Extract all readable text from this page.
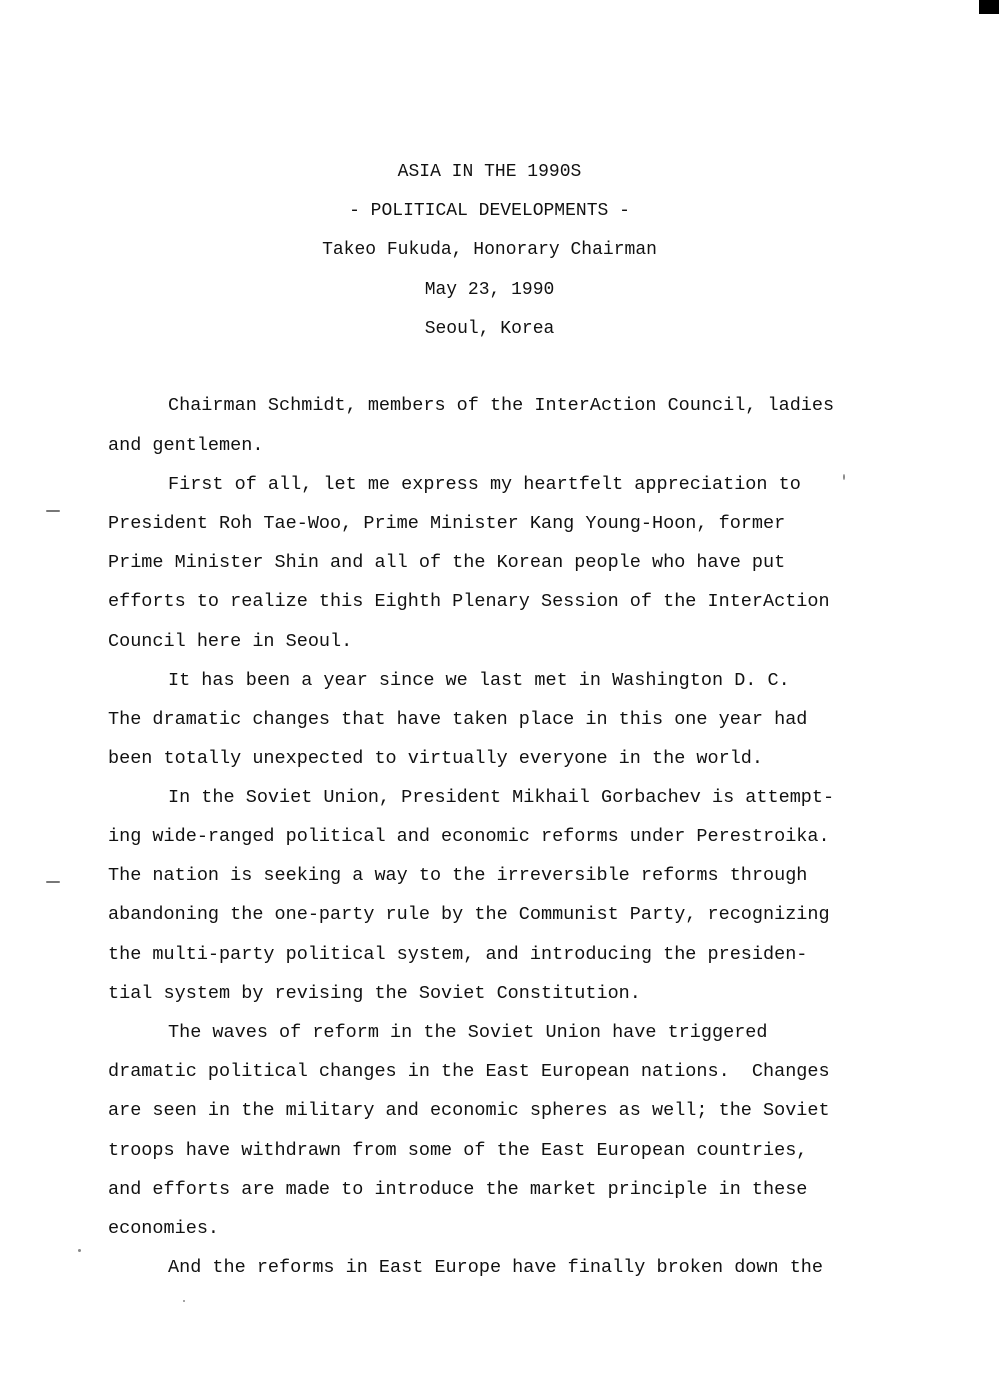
ASIA IN THE 1990S
- POLITICAL DEVELOPMENTS -
Takeo Fukuda, Honorary Chairman
May 23, 1990
Seoul, Korea
Chairman Schmidt, members of the InterAction Council, ladies
and gentlemen.
First of all, let me express my heartfelt appreciation to
President Roh Tae-Woo, Prime Minister Kang Young-Hoon, former
Prime Minister Shin and all of the Korean people who have put
efforts to realize this Eighth Plenary Session of the InterAction
Council here in Seoul.
It has been a year since we last met in Washington D. C.
The dramatic changes that have taken place in this one year had
been totally unexpected to virtually everyone in the world.
In the Soviet Union, President Mikhail Gorbachev is attempt-
ing wide-ranged political and economic reforms under Perestroika.
The nation is seeking a way to the irreversible reforms through
abandoning the one-party rule by the Communist Party, recognizing
the multi-party political system, and introducing the presiden-
tial system by revising the Soviet Constitution.
The waves of reform in the Soviet Union have triggered
dramatic political changes in the East European nations.  Changes
are seen in the military and economic spheres as well; the Soviet
troops have withdrawn from some of the East European countries,
and efforts are made to introduce the market principle in these
economies.
And the reforms in East Europe have finally broken down the
